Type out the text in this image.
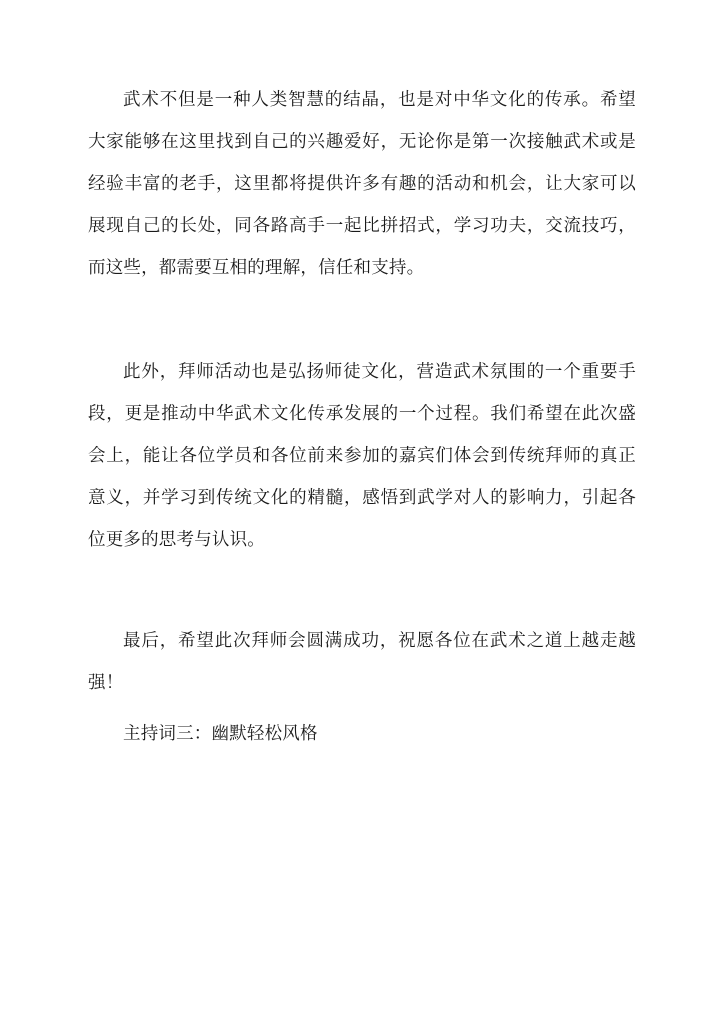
武术不但是一种人类智慧的结晶，也是对中华文化的传承。希望大家能够在这里找到自己的兴趣爱好，无论你是第一次接触武术或是经验丰富的老手，这里都将提供许多有趣的活动和机会，让大家可以展现自己的长处，同各路高手一起比拼招式，学习功夫，交流技巧，而这些，都需要互相的理解，信任和支持。

此外，拜师活动也是弘扬师徒文化，营造武术氛围的一个重要手段，更是推动中华武术文化传承发展的一个过程。我们希望在此次盛会上，能让各位学员和各位前来参加的嘉宾们体会到传统拜师的真正意义，并学习到传统文化的精髓，感悟到武学对人的影响力，引起各位更多的思考与认识。

最后，希望此次拜师会圆满成功，祝愿各位在武术之道上越走越强！

主持词三：幽默轻松风格
